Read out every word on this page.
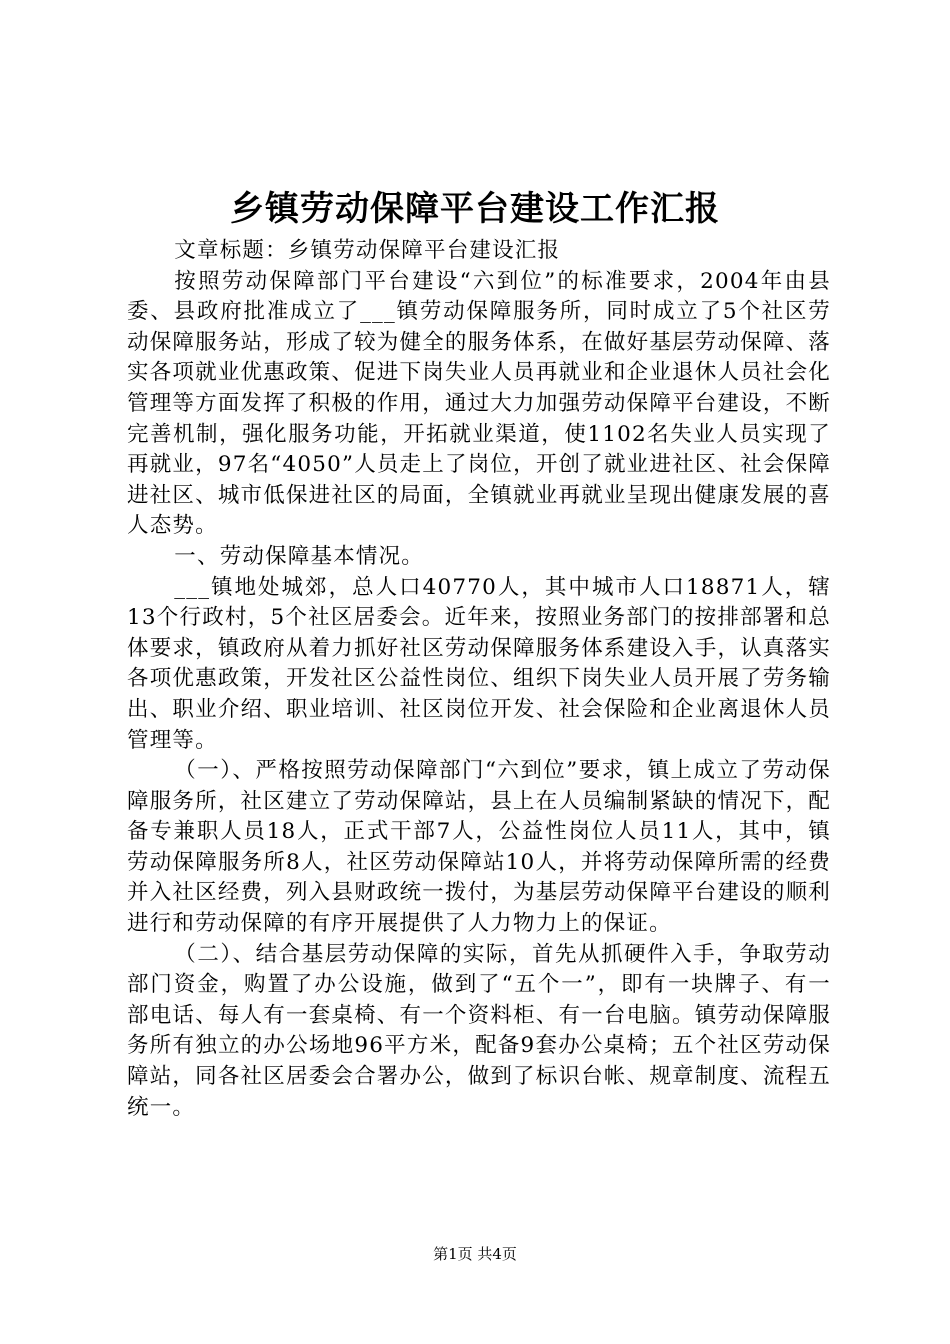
乡镇劳动保障平台建设工作汇报

文章标题：乡镇劳动保障平台建设汇报

按照劳动保障部门平台建设“六到位”的标准要求，2004年由县委、县政府批准成立了___镇劳动保障服务所，同时成立了5个社区劳动保障服务站，形成了较为健全的服务体系，在做好基层劳动保障、落实各项就业优惠政策、促进下岗失业人员再就业和企业退休人员社会化管理等方面发挥了积极的作用，通过大力加强劳动保障平台建设，不断完善机制，强化服务功能，开拓就业渠道，使1102名失业人员实现了再就业，97名“4050”人员走上了岗位，开创了就业进社区、社会保障进社区、城市低保进社区的局面，全镇就业再就业呈现出健康发展的喜人态势。

一、劳动保障基本情况。

___镇地处城郊，总人口40770人，其中城市人口18871人，辖13个行政村，5个社区居委会。近年来，按照业务部门的按排部署和总体要求，镇政府从着力抓好社区劳动保障服务体系建设入手，认真落实各项优惠政策，开发社区公益性岗位、组织下岗失业人员开展了劳务输出、职业介绍、职业培训、社区岗位开发、社会保险和企业离退休人员管理等。

（一）、严格按照劳动保障部门“六到位”要求，镇上成立了劳动保障服务所，社区建立了劳动保障站，县上在人员编制紧缺的情况下，配备专兼职人员18人，正式干部7人，公益性岗位人员11人，其中，镇劳动保障服务所8人，社区劳动保障站10人，并将劳动保障所需的经费并入社区经费，列入县财政统一拨付，为基层劳动保障平台建设的顺利进行和劳动保障的有序开展提供了人力物力上的保证。

（二）、结合基层劳动保障的实际，首先从抓硬件入手，争取劳动部门资金，购置了办公设施，做到了“五个一”，即有一块牌子、有一部电话、每人有一套桌椅、有一个资料柜、有一台电脑。镇劳动保障服务所有独立的办公场地96平方米，配备9套办公桌椅；五个社区劳动保障站，同各社区居委会合署办公，做到了标识台帐、规章制度、流程五统一。

第1页 共4页
